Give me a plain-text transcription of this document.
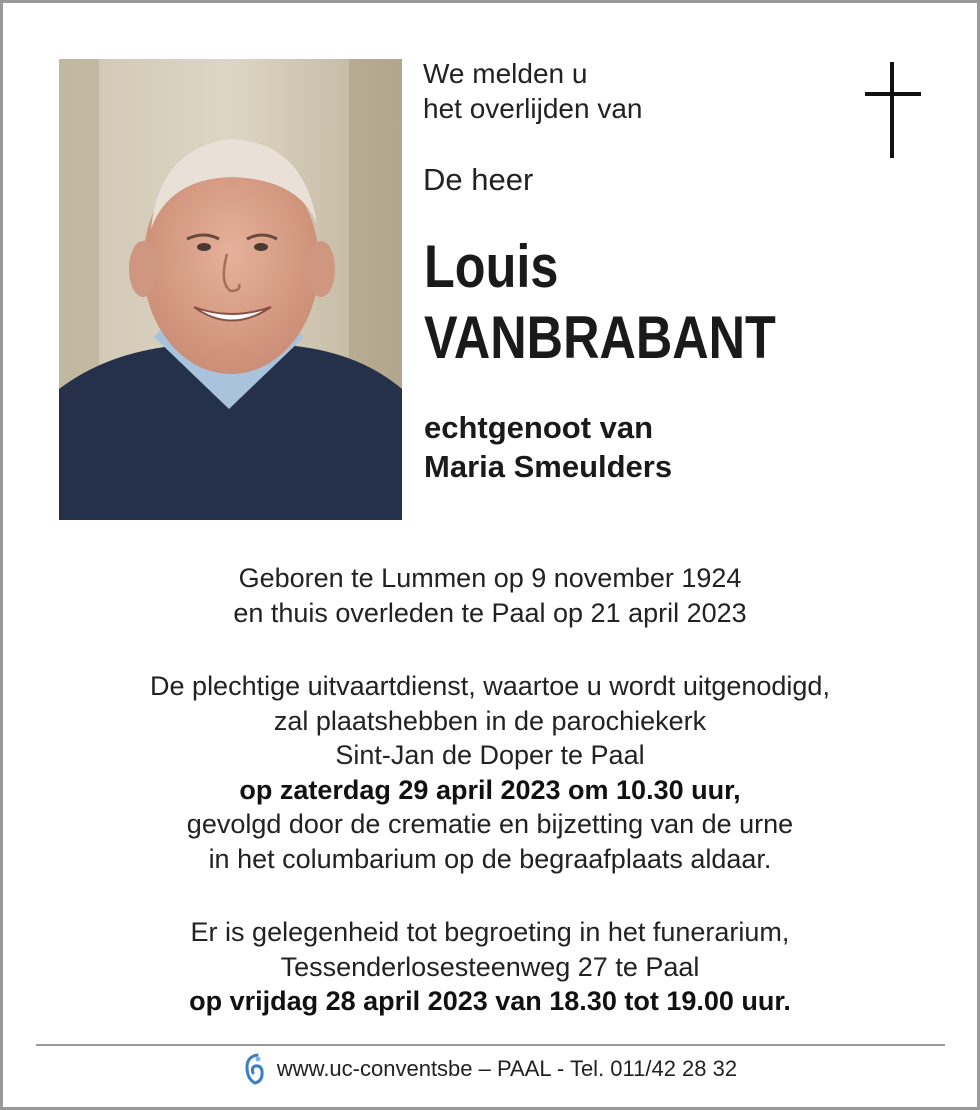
We melden u
het overlijden van
De heer
Louis
VANBRABANT
echtgenoot van
Maria Smeulders
Geboren te Lummen op 9 november 1924
en thuis overleden te Paal op 21 april 2023
De plechtige uitvaartdienst, waartoe u wordt uitgenodigd,
zal plaatshebben in de parochiekerk
Sint-Jan de Doper te Paal
op zaterdag 29 april 2023 om 10.30 uur,
gevolgd door de crematie en bijzetting van de urne
in het columbarium op de begraafplaats aldaar.
Er is gelegenheid tot begroeting in het funerarium,
Tessenderlosesteenweg 27 te Paal
op vrijdag 28 april 2023 van 18.30 tot 19.00 uur.
www.uc-conventsbe – PAAL - Tel. 011/42 28 32
